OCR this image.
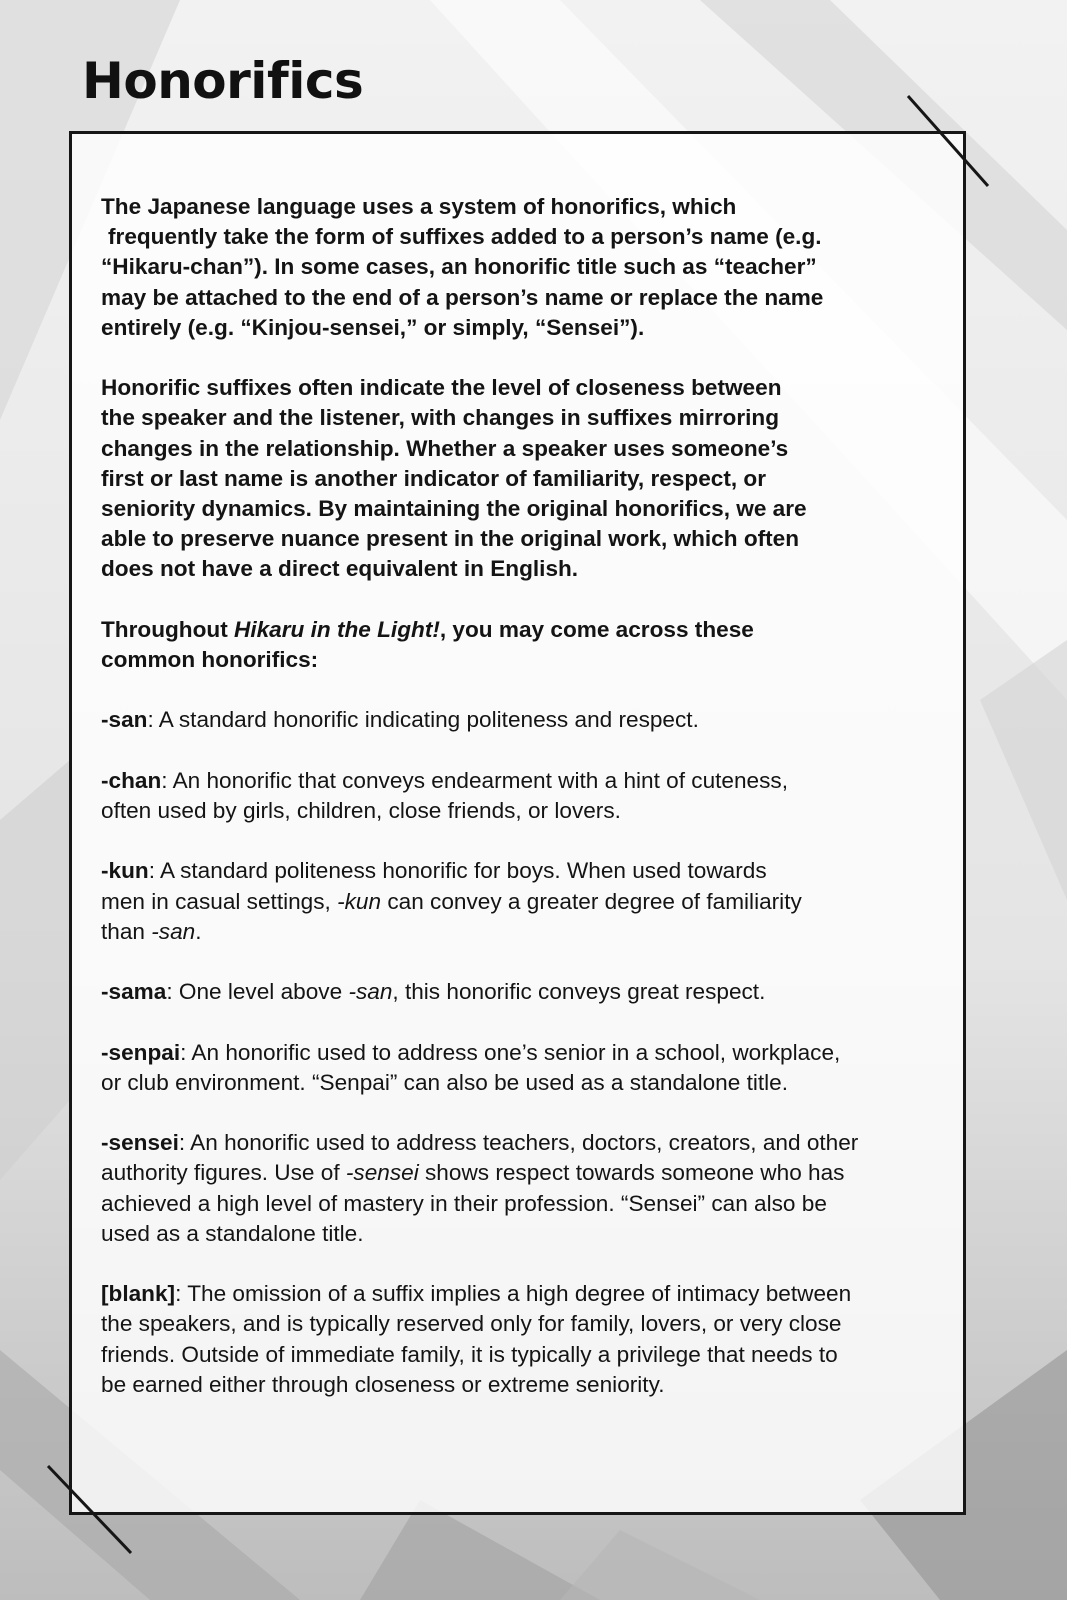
Honorifics

The Japanese language uses a system of honorifics, which
frequently take the form of suffixes added to a person’s name (e.g.
“Hikaru-chan”). In some cases, an honorific title such as “teacher”
may be attached to the end of a person’s name or replace the name
entirely (e.g. “Kinjou-sensei,” or simply, “Sensei”).

Honorific suffixes often indicate the level of closeness between
the speaker and the listener, with changes in suffixes mirroring
changes in the relationship. Whether a speaker uses someone’s
first or last name is another indicator of familiarity, respect, or
seniority dynamics. By maintaining the original honorifics, we are
able to preserve nuance present in the original work, which often
does not have a direct equivalent in English.

Throughout Hikaru in the Light!, you may come across these
common honorifics:

-san: A standard honorific indicating politeness and respect.

-chan: An honorific that conveys endearment with a hint of cuteness,
often used by girls, children, close friends, or lovers.

-kun: A standard politeness honorific for boys. When used towards
men in casual settings, -kun can convey a greater degree of familiarity
than -san.

-sama: One level above -san, this honorific conveys great respect.

-senpai: An honorific used to address one’s senior in a school, workplace,
or club environment. “Senpai” can also be used as a standalone title.

-sensei: An honorific used to address teachers, doctors, creators, and other
authority figures. Use of -sensei shows respect towards someone who has
achieved a high level of mastery in their profession. “Sensei” can also be
used as a standalone title.

[blank]: The omission of a suffix implies a high degree of intimacy between
the speakers, and is typically reserved only for family, lovers, or very close
friends. Outside of immediate family, it is typically a privilege that needs to
be earned either through closeness or extreme seniority.
